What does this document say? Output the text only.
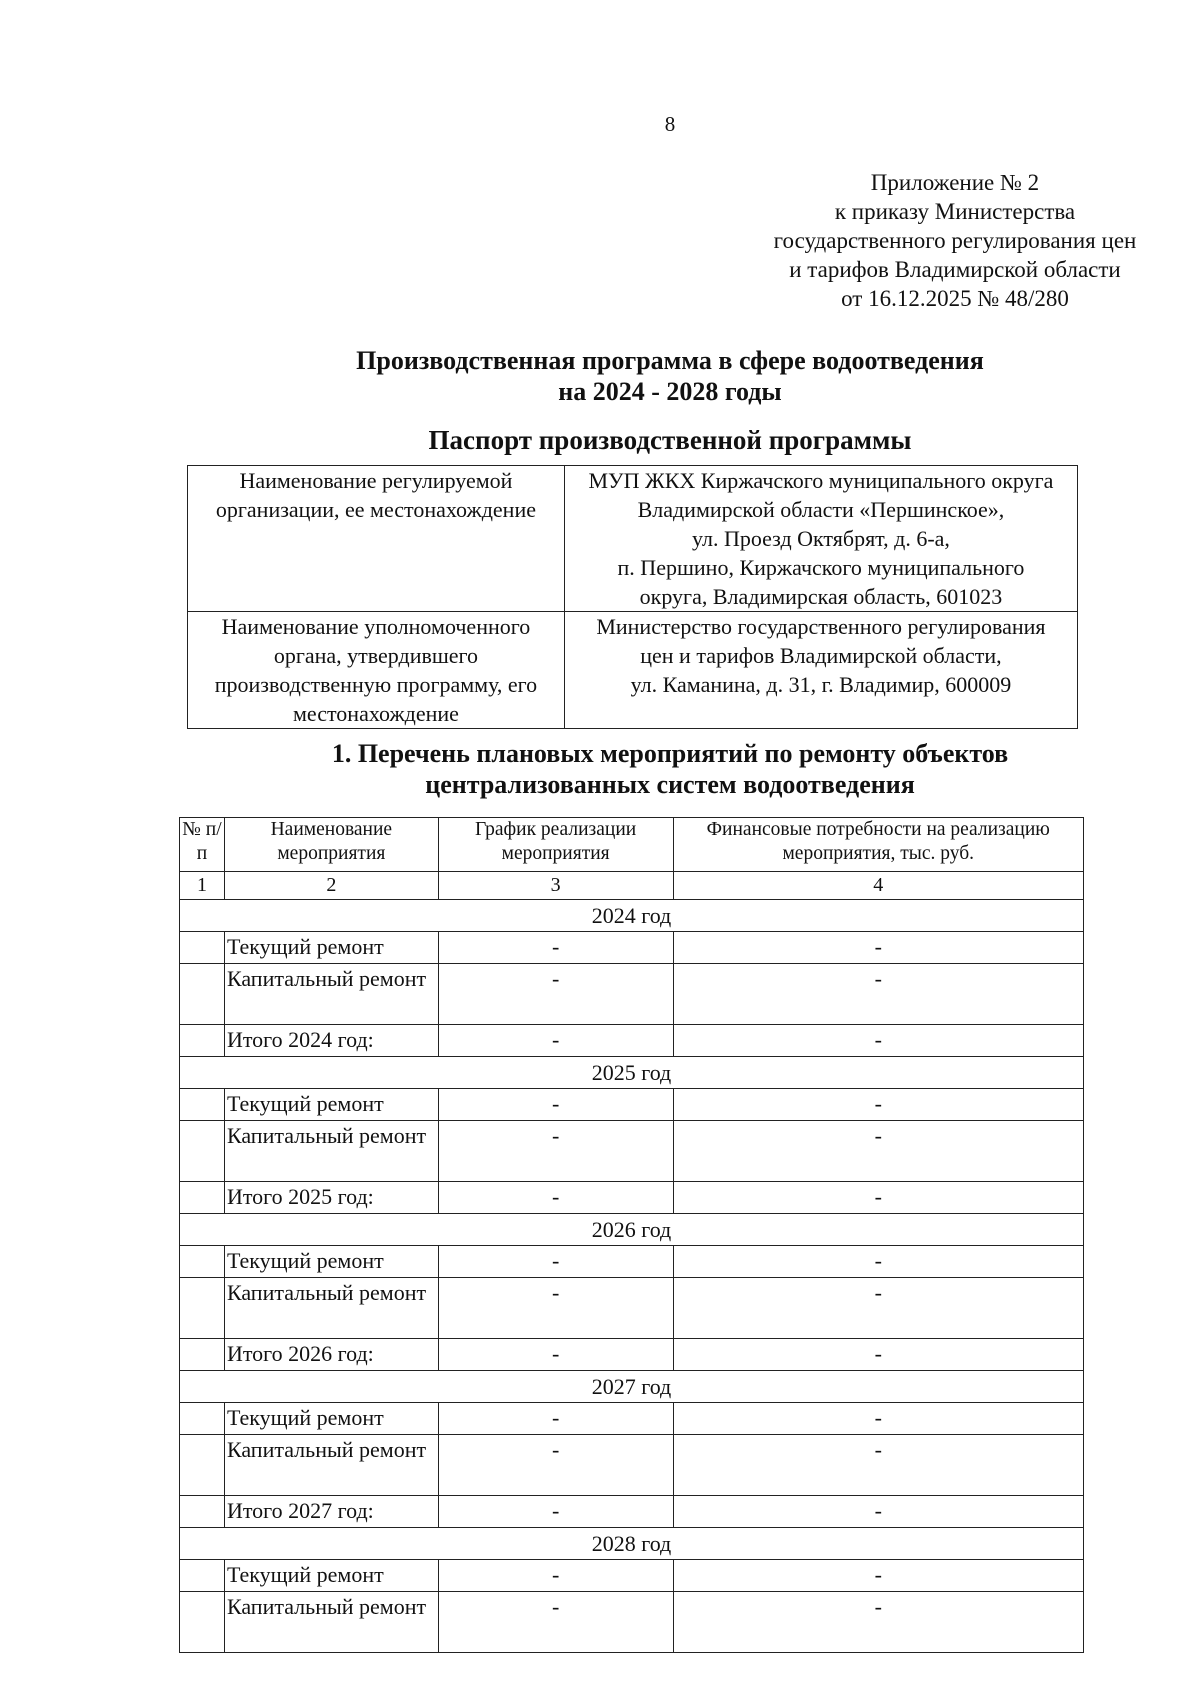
8
Приложение № 2
к приказу Министерства
государственного регулирования цен
и тарифов Владимирской области
от 16.12.2025 № 48/280
Производственная программа в сфере водоотведения
на 2024 - 2028 годы
Паспорт производственной программы
Наименование регулируемой организации, ее местонахождение	МУП ЖКХ Киржачского муниципального округа
Владимирской области «Першинское»,
ул. Проезд Октябрят, д. 6-а,
п. Першино, Киржачского муниципального
округа, Владимирская область, 601023

Наименование уполномоченного органа, утвердившего производственную программу, его местонахождение	Министерство государственного регулирования
цен и тарифов Владимирской области,
ул. Каманина, д. 31, г. Владимир, 600009
1. Перечень плановых мероприятий по ремонту объектов
централизованных систем водоотведения
№ п/п	Наименование мероприятия	График реализации мероприятия	Финансовые потребности на реализацию мероприятия, тыс. руб.
1	2	3	4
2024 год			
	Текущий ремонт	-	-
	Капитальный ремонт	-	-
	Итого 2024 год:	-	-
2025 год			
	Текущий ремонт	-	-
	Капитальный ремонт	-	-
	Итого 2025 год:	-	-
2026 год			
	Текущий ремонт	-	-
	Капитальный ремонт	-	-
	Итого 2026 год:	-	-
2027 год			
	Текущий ремонт	-	-
	Капитальный ремонт	-	-
	Итого 2027 год:	-	-
2028 год			
	Текущий ремонт	-	-
	Капитальный ремонт	-	-
